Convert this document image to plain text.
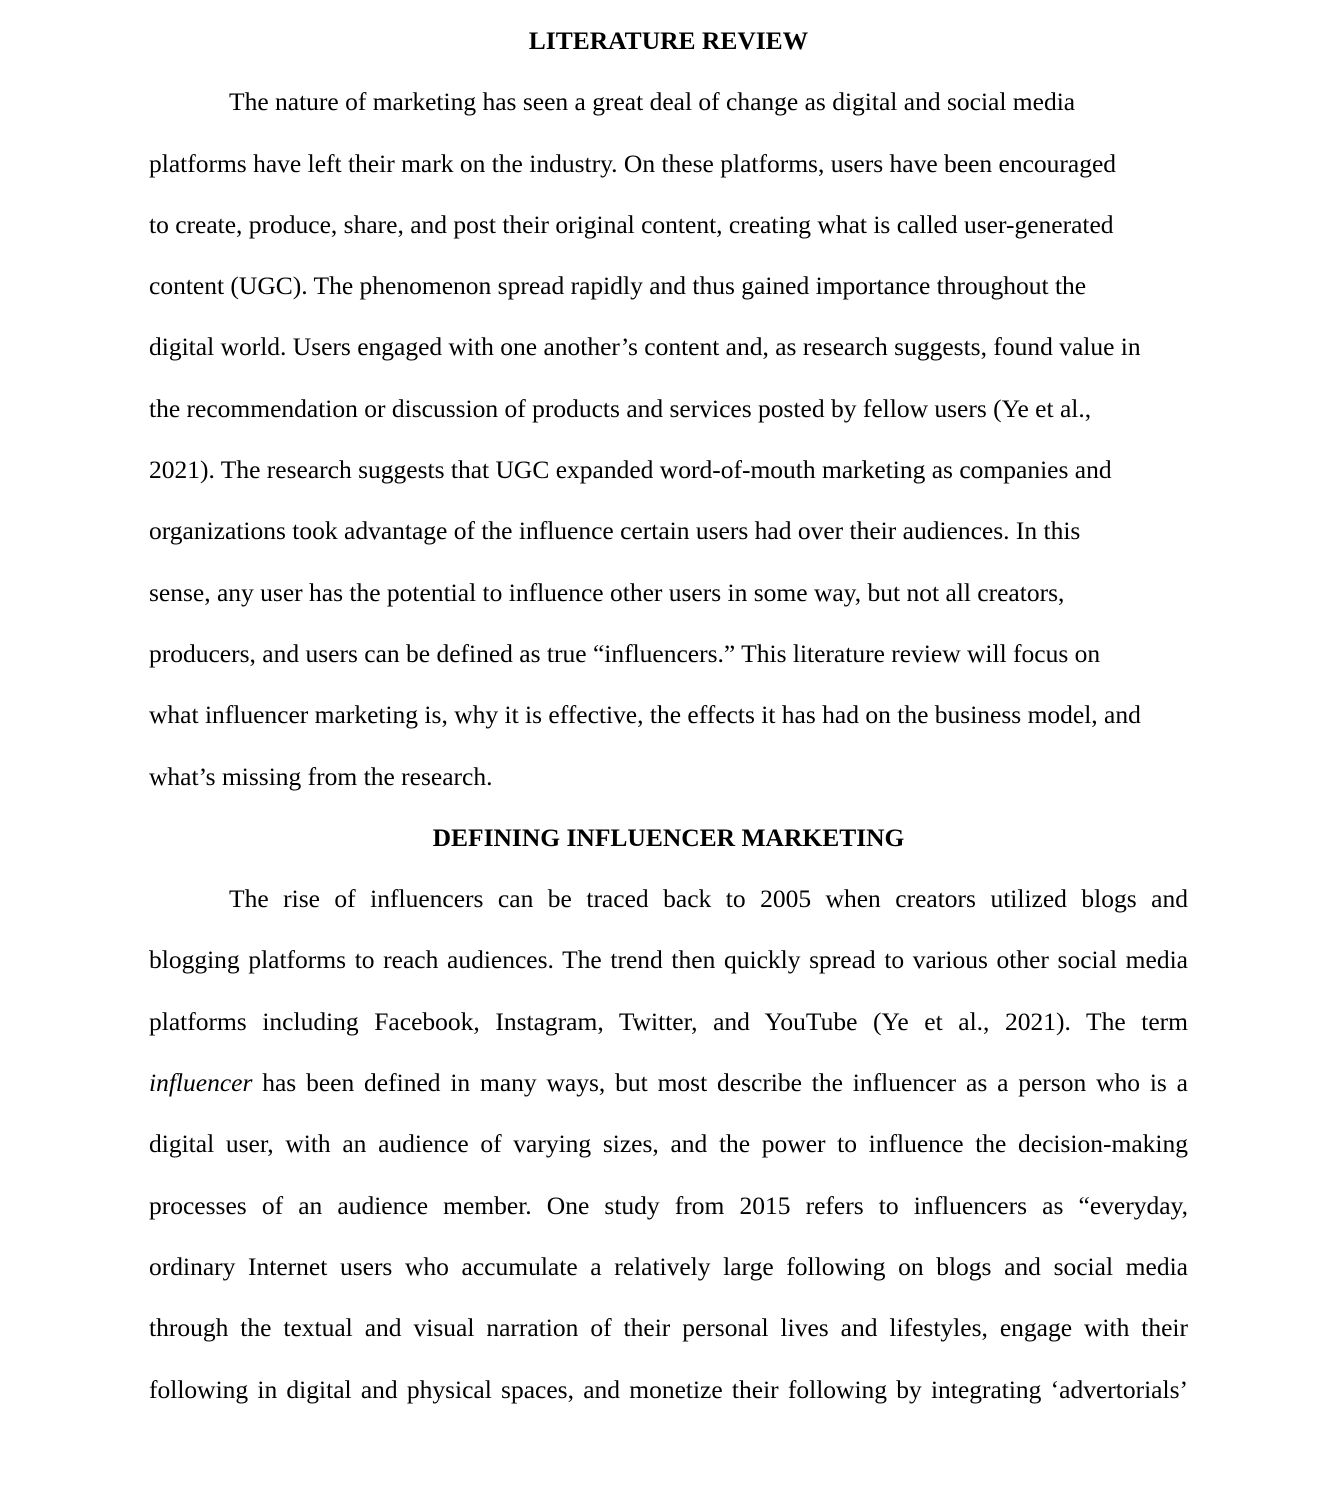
LITERATURE REVIEW
The nature of marketing has seen a great deal of change as digital and social media
platforms have left their mark on the industry. On these platforms, users have been encouraged
to create, produce, share, and post their original content, creating what is called user-generated
content (UGC). The phenomenon spread rapidly and thus gained importance throughout the
digital world. Users engaged with one another’s content and, as research suggests, found value in
the recommendation or discussion of products and services posted by fellow users (Ye et al.,
2021). The research suggests that UGC expanded word-of-mouth marketing as companies and
organizations took advantage of the influence certain users had over their audiences. In this
sense, any user has the potential to influence other users in some way, but not all creators,
producers, and users can be defined as true “influencers.” This literature review will focus on
what influencer marketing is, why it is effective, the effects it has had on the business model, and
what’s missing from the research.
DEFINING INFLUENCER MARKETING
The rise of influencers can be traced back to 2005 when creators utilized blogs and
blogging platforms to reach audiences. The trend then quickly spread to various other social media
platforms including Facebook, Instagram, Twitter, and YouTube (Ye et al., 2021). The term
influencer has been defined in many ways, but most describe the influencer as a person who is a
digital user, with an audience of varying sizes, and the power to influence the decision-making
processes of an audience member. One study from 2015 refers to influencers as “everyday,
ordinary Internet users who accumulate a relatively large following on blogs and social media
through the textual and visual narration of their personal lives and lifestyles, engage with their
following in digital and physical spaces, and monetize their following by integrating ‘advertorials’
